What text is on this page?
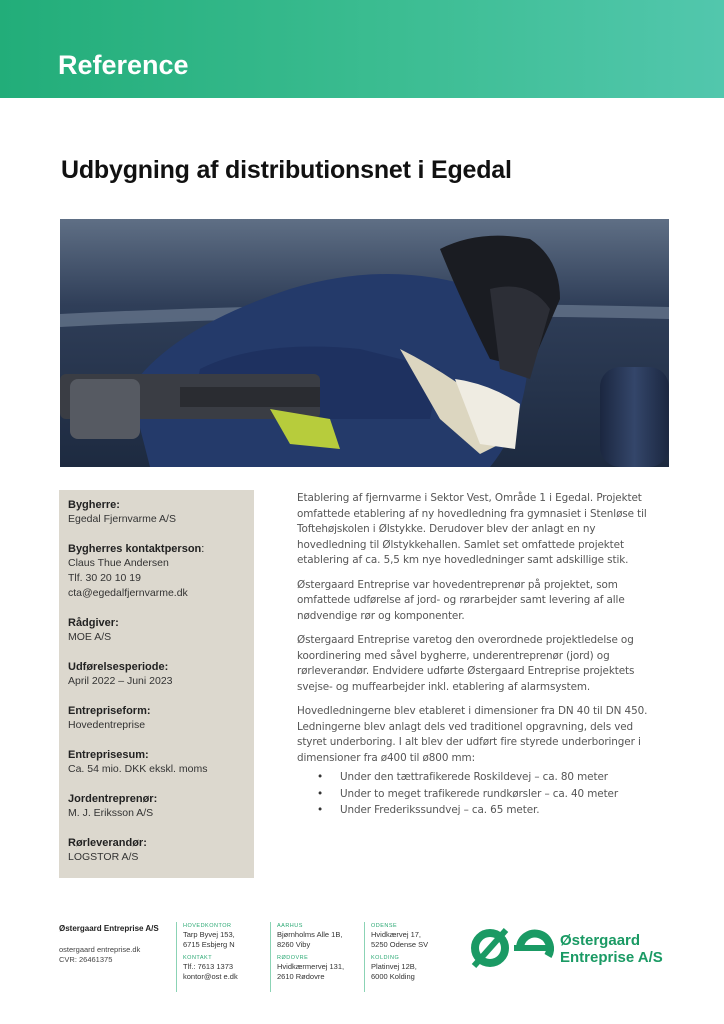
Reference
Udbygning af distributionsnet i Egedal
Bygherre:
Egedal Fjernvarme A/S
Bygherres kontaktperson:
Claus Thue Andersen
Tlf. 30 20 10 19
cta@egedalfjernvarme.dk
Rådgiver:
MOE A/S
Udførelsesperiode:
April 2022 – Juni 2023
Entrepriseform:
Hovedentreprise
Entreprisesum:
Ca. 54 mio. DKK ekskl. moms
Jordentreprenør:
M. J. Eriksson A/S
Rørleverandør:
LOGSTOR A/S

Etablering af fjernvarme i Sektor Vest, Område 1 i Egedal. Projektet omfattede etablering af ny hovedledning fra gymnasiet i Stenløse til Toftehøjskolen i Ølstykke. Derudover blev der anlagt en ny hovedledning til Ølstykkehallen. Samlet set omfattede projektet etablering af ca. 5,5 km nye hovedledninger samt adskillige stik.

Østergaard Entreprise var hovedentreprenør på projektet, som omfattede udførelse af jord- og rørarbejder samt levering af alle nødvendige rør og komponenter.

Østergaard Entreprise varetog den overordnede projektledelse og koordinering med såvel bygherre, underentreprenør (jord) og rørleverandør. Endvidere udførte Østergaard Entreprise projektets svejse- og muffearbejder inkl. etablering af alarmsystem.

Hovedledningerne blev etableret i dimensioner fra DN 40 til DN 450. Ledningerne blev anlagt dels ved traditionel opgravning, dels ved styret underboring. I alt blev der udført fire styrede underboringer i dimensioner fra ø400 til ø800 mm:

• Under den tættrafikerede Roskildevej – ca. 80 meter
• Under to meget trafikerede rundkørsler – ca. 40 meter
• Under Frederikssundvej – ca. 65 meter.
Østergaard Entreprise A/S
ostergaard entreprise.dk
CVR: 26461375
HOVEDKONTOR
Tarp Byvej 153,
6715 Esbjerg N
KONTAKT
Tlf.: 7613 1373
kontor@ost e.dk
AARHUS
Bjørnholms Alle 1B,
8260 Viby
RØDOVRE
Hvidkærmervej 131,
2610 Rødovre
ODENSE
Hvidkærvej 17,
5250 Odense SV
KOLDING
Platinvej 12B,
6000 Kolding
Østergaard
Entreprise A/S
